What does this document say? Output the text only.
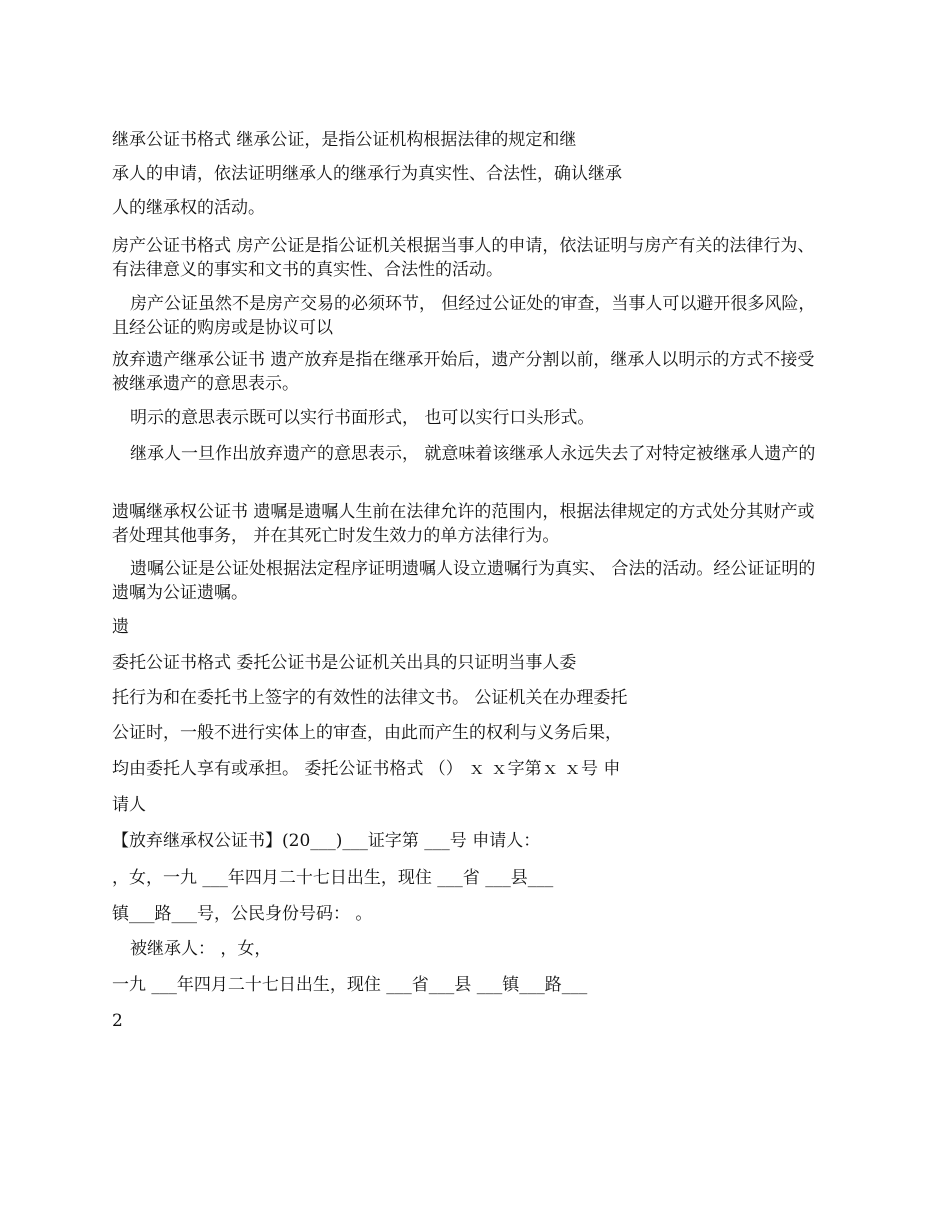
继承公证书格式 继承公证，是指公证机构根据法律的规定和继
承人的申请，依法证明继承人的继承行为真实性、合法性，确认继承
人的继承权的活动。
房产公证书格式 房产公证是指公证机关根据当事人的申请，依法证明与房产有关的法律行为、有法律意义的事实和文书的真实性、合法性的活动。
房产公证虽然不是房产交易的必须环节， 但经过公证处的审查，当事人可以避开很多风险， 且经公证的购房或是协议可以
放弃遗产继承公证书 遗产放弃是指在继承开始后，遗产分割以前，继承人以明示的方式不接受被继承遗产的意思表示。
明示的意思表示既可以实行书面形式， 也可以实行口头形式。
继承人一旦作出放弃遗产的意思表示， 就意味着该继承人永远失去了对特定被继承人遗产的
遗嘱继承权公证书 遗嘱是遗嘱人生前在法律允许的范围内，根据法律规定的方式处分其财产或者处理其他事务， 并在其死亡时发生效力的单方法律行为。
遗嘱公证是公证处根据法定程序证明遗嘱人设立遗嘱行为真实、 合法的活动。经公证证明的遗嘱为公证遗嘱。
遗
委托公证书格式 委托公证书是公证机关出具的只证明当事人委
托行为和在委托书上签字的有效性的法律文书。 公证机关在办理委托
公证时，一般不进行实体上的审查，由此而产生的权利与义务后果，
均由委托人享有或承担。 委托公证书格式 （） ｘ ｘ字第ｘ ｘ号 申
请人
【放弃继承权公证书】(20___)___证字第 ___号 申请人：
，女，一九 ___年四月二十七日出生，现住 ___省 ___县___
镇___路___号，公民身份号码： 。
被继承人： ，女，
一九 ___年四月二十七日出生，现住 ___省___县 ___镇___路___
2
